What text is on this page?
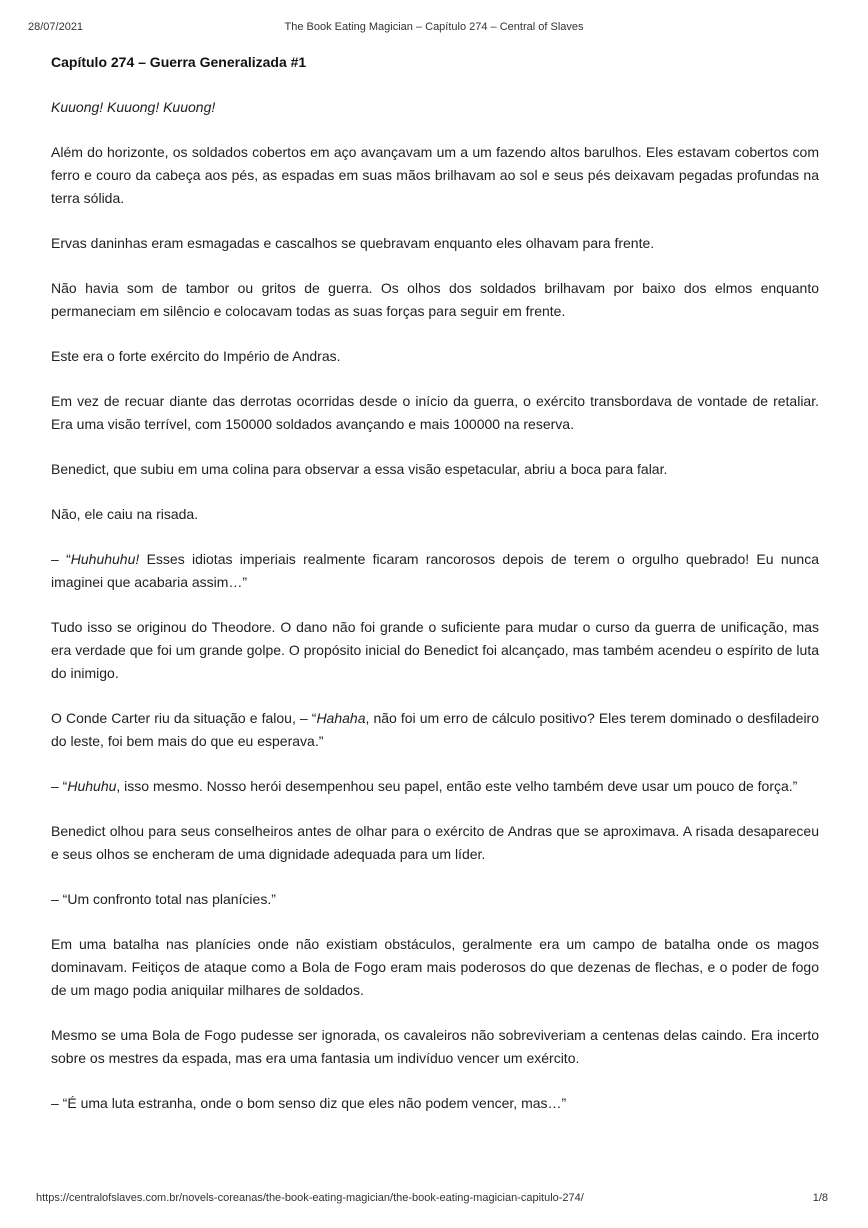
28/07/2021	The Book Eating Magician – Capítulo 274 – Central of Slaves
Capítulo 274 – Guerra Generalizada #1

Kuuong! Kuuong! Kuuong!

Além do horizonte, os soldados cobertos em aço avançavam um a um fazendo altos barulhos. Eles estavam cobertos com ferro e couro da cabeça aos pés, as espadas em suas mãos brilhavam ao sol e seus pés deixavam pegadas profundas na terra sólida.

Ervas daninhas eram esmagadas e cascalhos se quebravam enquanto eles olhavam para frente.

Não havia som de tambor ou gritos de guerra. Os olhos dos soldados brilhavam por baixo dos elmos enquanto permaneciam em silêncio e colocavam todas as suas forças para seguir em frente.

Este era o forte exército do Império de Andras.

Em vez de recuar diante das derrotas ocorridas desde o início da guerra, o exército transbordava de vontade de retaliar. Era uma visão terrível, com 150000 soldados avançando e mais 100000 na reserva.

Benedict, que subiu em uma colina para observar a essa visão espetacular, abriu a boca para falar.

Não, ele caiu na risada.

– “Huhuhuhu! Esses idiotas imperiais realmente ficaram rancorosos depois de terem o orgulho quebrado! Eu nunca imaginei que acabaria assim…”

Tudo isso se originou do Theodore. O dano não foi grande o suficiente para mudar o curso da guerra de unificação, mas era verdade que foi um grande golpe. O propósito inicial do Benedict foi alcançado, mas também acendeu o espírito de luta do inimigo.

O Conde Carter riu da situação e falou, – “Hahaha, não foi um erro de cálculo positivo? Eles terem dominado o desfiladeiro do leste, foi bem mais do que eu esperava.”

– “Huhuhu, isso mesmo. Nosso herói desempenhou seu papel, então este velho também deve usar um pouco de força.”

Benedict olhou para seus conselheiros antes de olhar para o exército de Andras que se aproximava. A risada desapareceu e seus olhos se encheram de uma dignidade adequada para um líder.

– “Um confronto total nas planícies.”

Em uma batalha nas planícies onde não existiam obstáculos, geralmente era um campo de batalha onde os magos dominavam. Feitiços de ataque como a Bola de Fogo eram mais poderosos do que dezenas de flechas, e o poder de fogo de um mago podia aniquilar milhares de soldados.

Mesmo se uma Bola de Fogo pudesse ser ignorada, os cavaleiros não sobreviveriam a centenas delas caindo. Era incerto sobre os mestres da espada, mas era uma fantasia um indivíduo vencer um exército.

– “É uma luta estranha, onde o bom senso diz que eles não podem vencer, mas…”

https://centralofslaves.com.br/novels-coreanas/the-book-eating-magician/the-book-eating-magician-capitulo-274/	1/8
